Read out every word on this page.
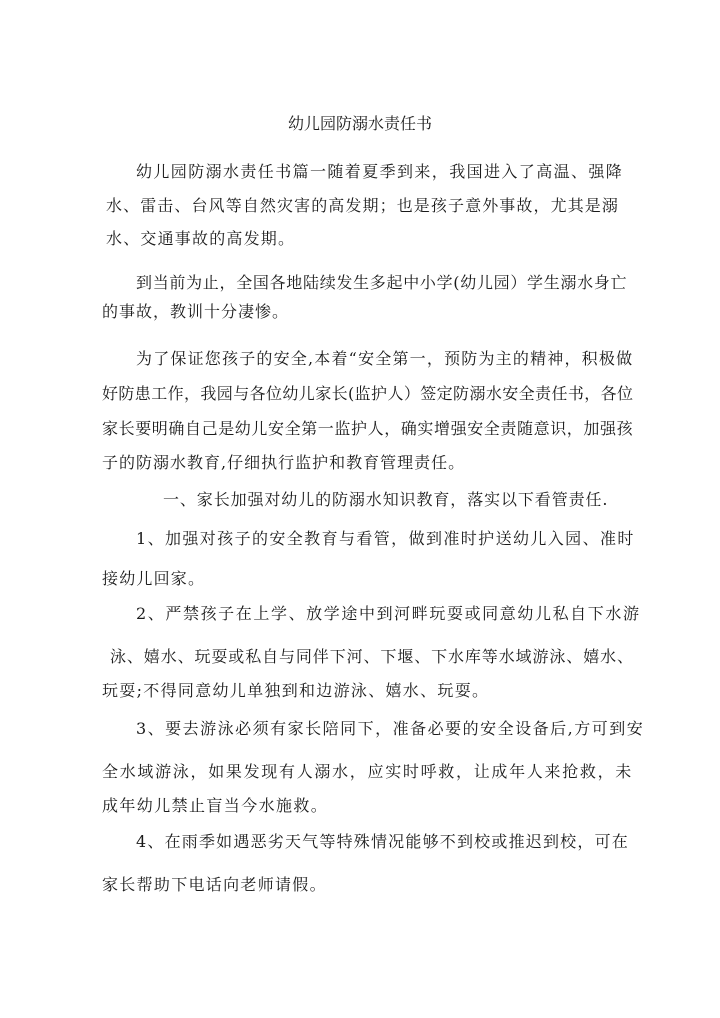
幼儿园防溺水责任书
幼儿园防溺水责任书篇一随着夏季到来，我国进入了高温、强降
水、雷击、台风等自然灾害的高发期；也是孩子意外事故，尤其是溺
水、交通事故的高发期。
到当前为止，全国各地陆续发生多起中小学(幼儿园）学生溺水身亡
的事故，教训十分凄惨。
为了保证您孩子的安全,本着“安全第一，预防为主的精神，积极做
好防患工作，我园与各位幼儿家长(监护人）签定防溺水安全责任书，各位
家长要明确自己是幼儿安全第一监护人，确实增强安全责随意识，加强孩
子的防溺水教育,仔细执行监护和教育管理责任。
一、家长加强对幼儿的防溺水知识教育，落实以下看管责任.
1、加强对孩子的安全教育与看管，做到准时护送幼儿入园、准时
接幼儿回家。
2、严禁孩子在上学、放学途中到河畔玩耍或同意幼儿私自下水游
泳、嬉水、玩耍或私自与同伴下河、下堰、下水库等水域游泳、嬉水、
玩耍;不得同意幼儿单独到和边游泳、嬉水、玩耍。
3、要去游泳必须有家长陪同下，准备必要的安全设备后,方可到安
全水域游泳，如果发现有人溺水，应实时呼救，让成年人来抢救，未
成年幼儿禁止盲当今水施救。
4、在雨季如遇恶劣天气等特殊情况能够不到校或推迟到校，可在
家长帮助下电话向老师请假。
